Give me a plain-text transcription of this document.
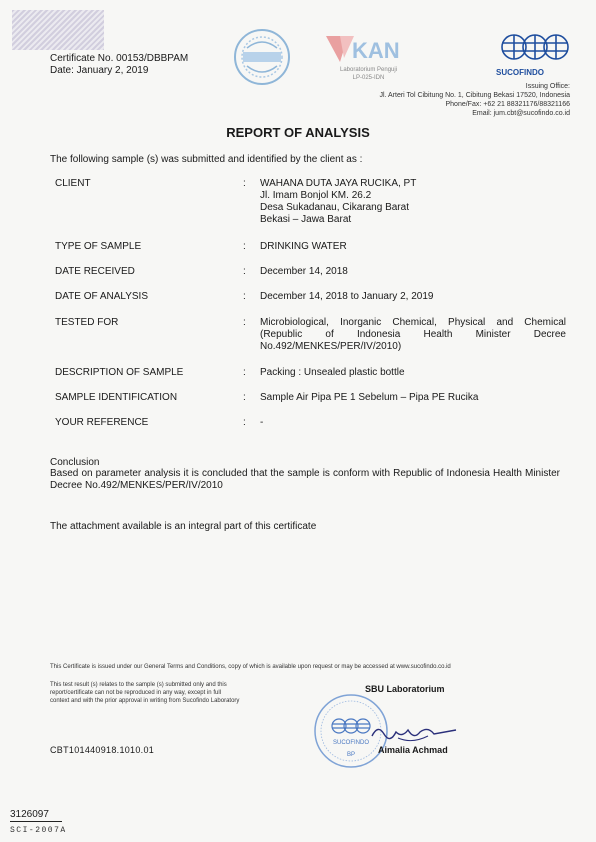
Certificate No. 00153/DBBPAM
Date: January 2, 2019
KAN
Laboratorium Penguji
LP-025-IDN
SUCOFINDO
Issuing Office:
Jl. Arteri Tol Cibitung No. 1, Cibitung Bekasi 17520, Indonesia
Phone/Fax: +62 21 88321176/88321166
Email: jum.cbt@sucofindo.co.id
REPORT OF ANALYSIS
The following sample (s) was submitted and identified by the client as :
CLIENT	: WAHANA DUTA JAYA RUCIKA, PT
Jl. Imam Bonjol KM. 26.2
Desa Sukadanau, Cikarang Barat
Bekasi – Jawa Barat
TYPE OF SAMPLE	: DRINKING WATER
DATE RECEIVED	: December 14, 2018
DATE OF ANALYSIS	: December 14, 2018 to January 2, 2019
TESTED FOR	: Microbiological, Inorganic Chemical, Physical and Chemical (Republic of Indonesia Health Minister Decree No.492/MENKES/PER/IV/2010)
DESCRIPTION OF SAMPLE	: Packing : Unsealed plastic bottle
SAMPLE IDENTIFICATION	: Sample Air Pipa PE 1 Sebelum – Pipa PE Rucika
YOUR REFERENCE	: -
Conclusion
Based on parameter analysis it is concluded that the sample is conform with Republic of Indonesia Health Minister Decree No.492/MENKES/PER/IV/2010
The attachment available is an integral part of this certificate
This Certificate is issued under our General Terms and Conditions, copy of which is available upon request or may be accessed at www.sucofindo.co.id
This test result (s) relates to the sample (s) submitted only and this report/certificate can not be reproduced in any way, except in full context and with the prior approval in writing from Sucofindo Laboratory
SBU Laboratorium
SUCOFINDO
BP	Aimalia Achmad
CBT101440918.1010.01
3126097
SCI-2007A
